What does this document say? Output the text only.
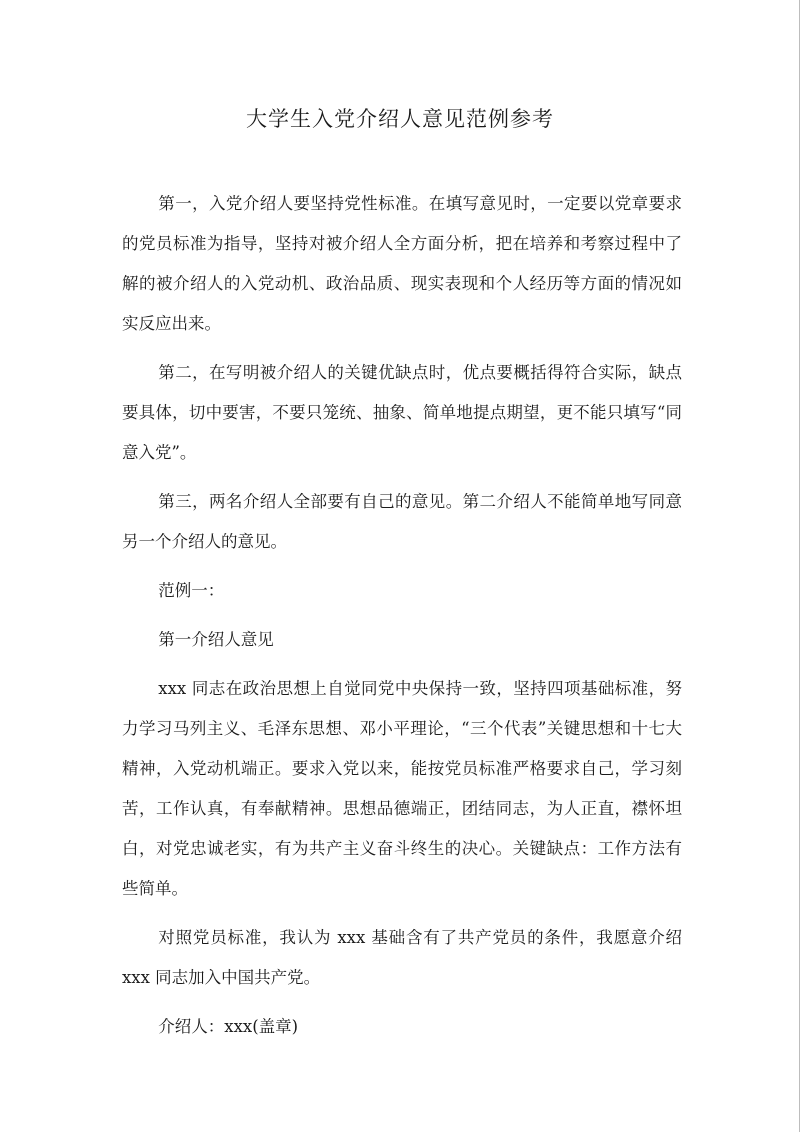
大学生入党介绍人意见范例参考

第一，入党介绍人要坚持党性标准。在填写意见时，一定要以党章要求的党员标准为指导，坚持对被介绍人全方面分析，把在培养和考察过程中了解的被介绍人的入党动机、政治品质、现实表现和个人经历等方面的情况如实反应出来。

第二，在写明被介绍人的关键优缺点时，优点要概括得符合实际，缺点要具体，切中要害，不要只笼统、抽象、简单地提点期望，更不能只填写“同意入党”。

第三，两名介绍人全部要有自己的意见。第二介绍人不能简单地写同意另一个介绍人的意见。

范例一：

第一介绍人意见

xxx 同志在政治思想上自觉同党中央保持一致，坚持四项基础标准，努力学习马列主义、毛泽东思想、邓小平理论，“三个代表”关键思想和十七大精神，入党动机端正。要求入党以来，能按党员标准严格要求自己，学习刻苦，工作认真，有奉献精神。思想品德端正，团结同志，为人正直，襟怀坦白，对党忠诚老实，有为共产主义奋斗终生的决心。关键缺点：工作方法有些简单。

对照党员标准，我认为 xxx 基础含有了共产党员的条件，我愿意介绍 xxx 同志加入中国共产党。

介绍人：xxx(盖章)
